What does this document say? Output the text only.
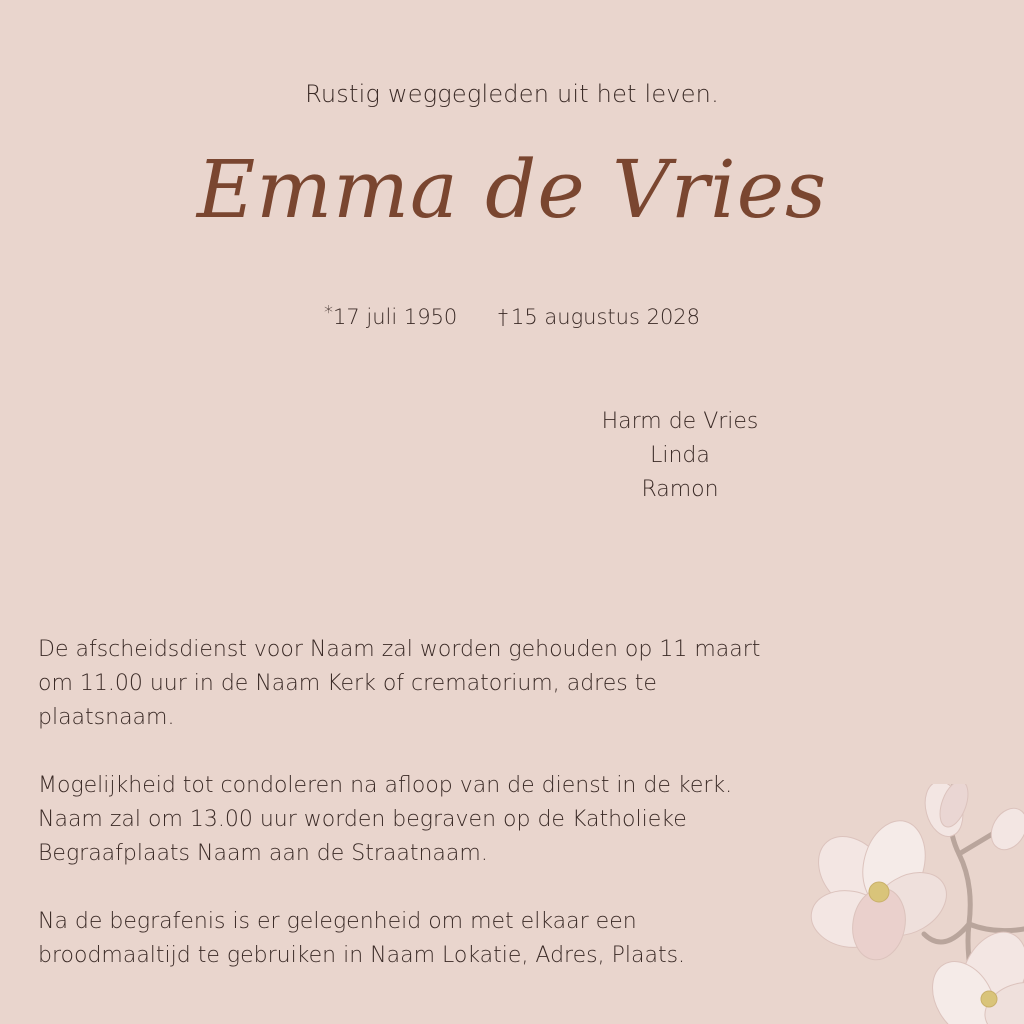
Rustig weggegleden uit het leven.
Emma de Vries
*17 juli 1950 † 15 augustus 2028
Harm de Vries
Linda
Ramon

De afscheidsdienst voor Naam zal worden gehouden op 11 maart
om 11.00 uur in de Naam Kerk of crematorium, adres te
plaatsnaam.

Mogelijkheid tot condoleren na afloop van de dienst in de kerk.
Naam zal om 13.00 uur worden begraven op de Katholieke
Begraafplaats Naam aan de Straatnaam.

Na de begrafenis is er gelegenheid om met elkaar een
broodmaaltijd te gebruiken in Naam Lokatie, Adres, Plaats.
